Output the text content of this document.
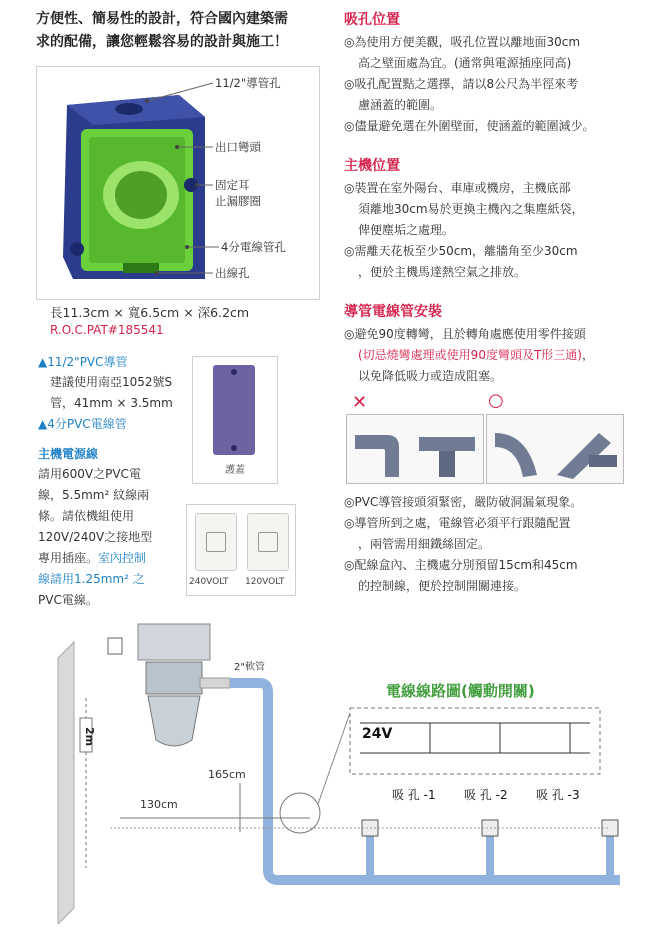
方便性、簡易性的設計，符合國內建築需
求的配備，讓您輕鬆容易的設計與施工！
11/2"導管孔
出口彎頭
固定耳
止漏膠圈
4分電線管孔
出線孔
長11.3cm × 寬6.5cm × 深6.2cm
R.O.C.PAT#185541
▲11/2"PVC導管
建議使用南亞1052號S
管，41mm × 3.5mm
▲4分PVC電線管
護蓋
主機電源線
請用600V之PVC電
線，5.5mm² 紋線兩
條。請依機組使用
120V/240V之接地型
專用插座。室內控制
線請用1.25mm² 之
PVC電線。
240VOLT 120VOLT
吸孔位置
◎為使用方便美觀，吸孔位置以離地面30cm
高之壁面處為宜。(通常與電源插座同高)
◎吸孔配置點之選擇，請以8公尺為半徑來考
慮涵蓋的範圍。
◎儘量避免選在外圍壁面，使涵蓋的範圍減少。
主機位置
◎裝置在室外陽台、車庫或機房，主機底部
須離地30cm易於更換主機內之集塵紙袋，
俾便塵垢之處理。
◎需離天花板至少50cm，離牆角至少30cm
，便於主機馬達熱空氣之排放。
導管電線管安裝
◎避免90度轉彎，且於轉角處應使用零件接頭
(切忌燒彎處理或使用90度彎頭及T形三通)，
以免降低吸力或造成阻塞。
✕	○
◎PVC導管接頭須緊密，嚴防破洞漏氣現象。
◎導管所到之處，電線管必須平行跟隨配置
，兩管需用細鐵絲固定。
◎配線盒內、主機處分別預留15cm和45cm
的控制線，便於控制開關連接。
2"軟管
2m
165cm
130cm
電線線路圖(觸動開關)
24V
吸 孔 -1 吸 孔 -2 吸 孔 -3
